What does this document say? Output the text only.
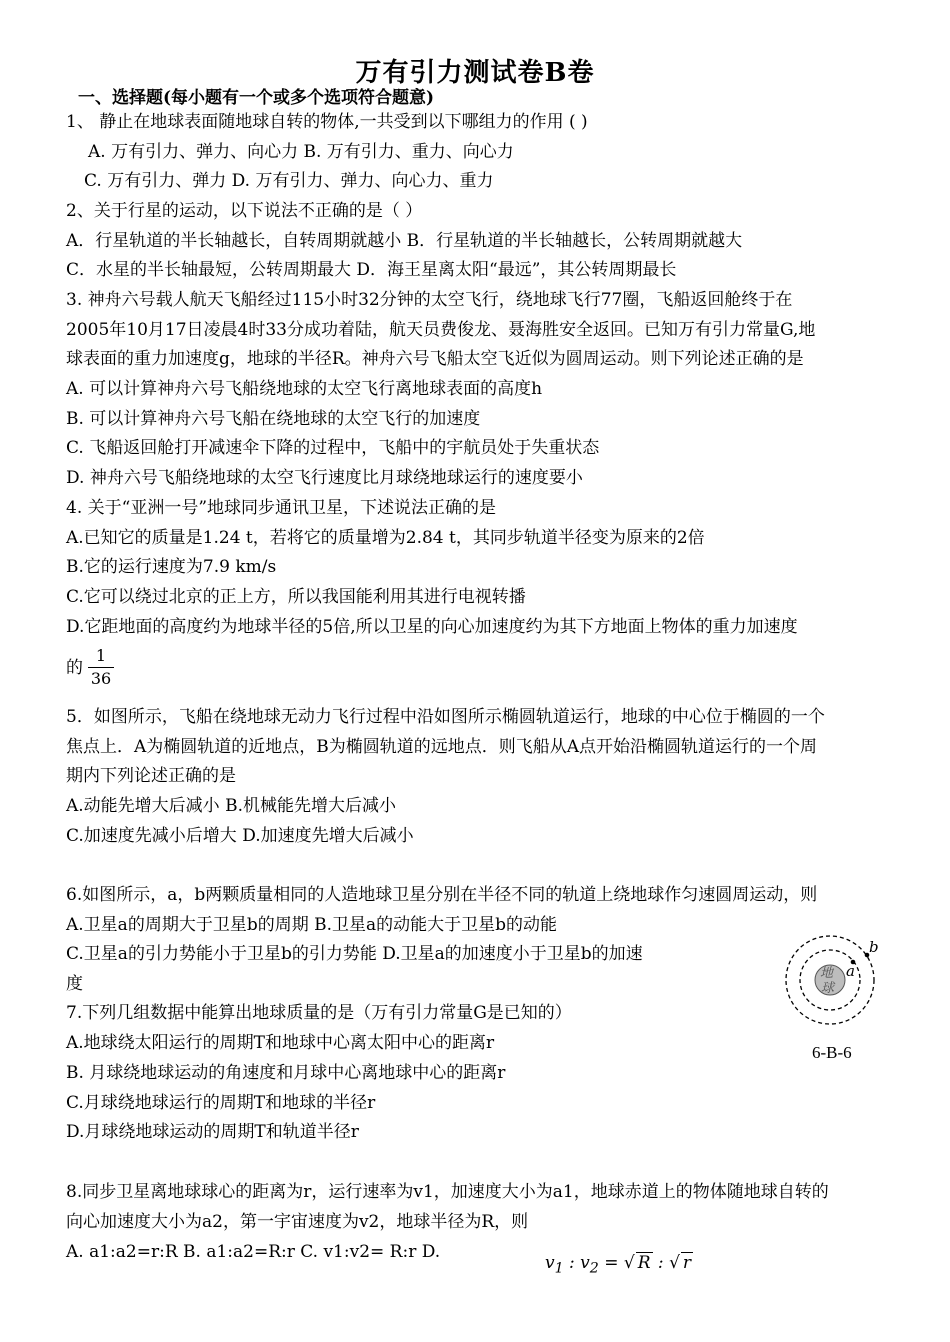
万有引力测试卷B卷
一、选择题(每小题有一个或多个选项符合题意)
1、 静止在地球表面随地球自转的物体,一共受到以下哪组力的作用 ( )
A. 万有引力、弹力、向心力 B. 万有引力、重力、向心力
C. 万有引力、弹力 D. 万有引力、弹力、向心力、重力
2、关于行星的运动，以下说法不正确的是（ ）
A．行星轨道的半长轴越长，自转周期就越小 B．行星轨道的半长轴越长，公转周期就越大
C．水星的半长轴最短，公转周期最大 D．海王星离太阳“最远”，其公转周期最长
3. 神舟六号载人航天飞船经过115小时32分钟的太空飞行，绕地球飞行77圈，飞船返回舱终于在
2005年10月17日凌晨4时33分成功着陆，航天员费俊龙、聂海胜安全返回。已知万有引力常量G,地
球表面的重力加速度g，地球的半径R。神舟六号飞船太空飞近似为圆周运动。则下列论述正确的是
A. 可以计算神舟六号飞船绕地球的太空飞行离地球表面的高度h
B. 可以计算神舟六号飞船在绕地球的太空飞行的加速度
C. 飞船返回舱打开减速伞下降的过程中，飞船中的宇航员处于失重状态
D. 神舟六号飞船绕地球的太空飞行速度比月球绕地球运行的速度要小
4. 关于“亚洲一号”地球同步通讯卫星，下述说法正确的是
A.已知它的质量是1.24 t，若将它的质量增为2.84 t，其同步轨道半径变为原来的2倍
B.它的运行速度为7.9 km/s
C.它可以绕过北京的正上方，所以我国能利用其进行电视转播
D.它距地面的高度约为地球半径的5倍,所以卫星的向心加速度约为其下方地面上物体的重力加速度
的
1
36
5．如图所示，飞船在绕地球无动力飞行过程中沿如图所示椭圆轨道运行，地球的中心位于椭圆的一个
焦点上．A为椭圆轨道的近地点，B为椭圆轨道的远地点．则飞船从A点开始沿椭圆轨道运行的一个周
期内下列论述正确的是
A.动能先增大后减小 B.机械能先增大后减小
C.加速度先减小后增大 D.加速度先增大后减小
6.如图所示，a，b两颗质量相同的人造地球卫星分别在半径不同的轨道上绕地球作匀速圆周运动，则
A.卫星a的周期大于卫星b的周期 B.卫星a的动能大于卫星b的动能
C.卫星a的引力势能小于卫星b的引力势能 D.卫星a的加速度小于卫星b的加速
度
7.下列几组数据中能算出地球质量的是（万有引力常量G是已知的）
A.地球绕太阳运行的周期T和地球中心离太阳中心的距离r
B. 月球绕地球运动的角速度和月球中心离地球中心的距离r
C.月球绕地球运行的周期T和地球的半径r
D.月球绕地球运动的周期T和轨道半径r
8.同步卫星离地球球心的距离为r，运行速率为v1，加速度大小为a1，地球赤道上的物体随地球自转的
向心加速度大小为a2，第一宇宙速度为v2，地球半径为R，则
A. a1:a2=r:R B. a1:a2=R:r C. v1:v2= R:r D.
$v_1$ : $v_2$ = √ R : √ r
地
球
a
b
6-B-6
